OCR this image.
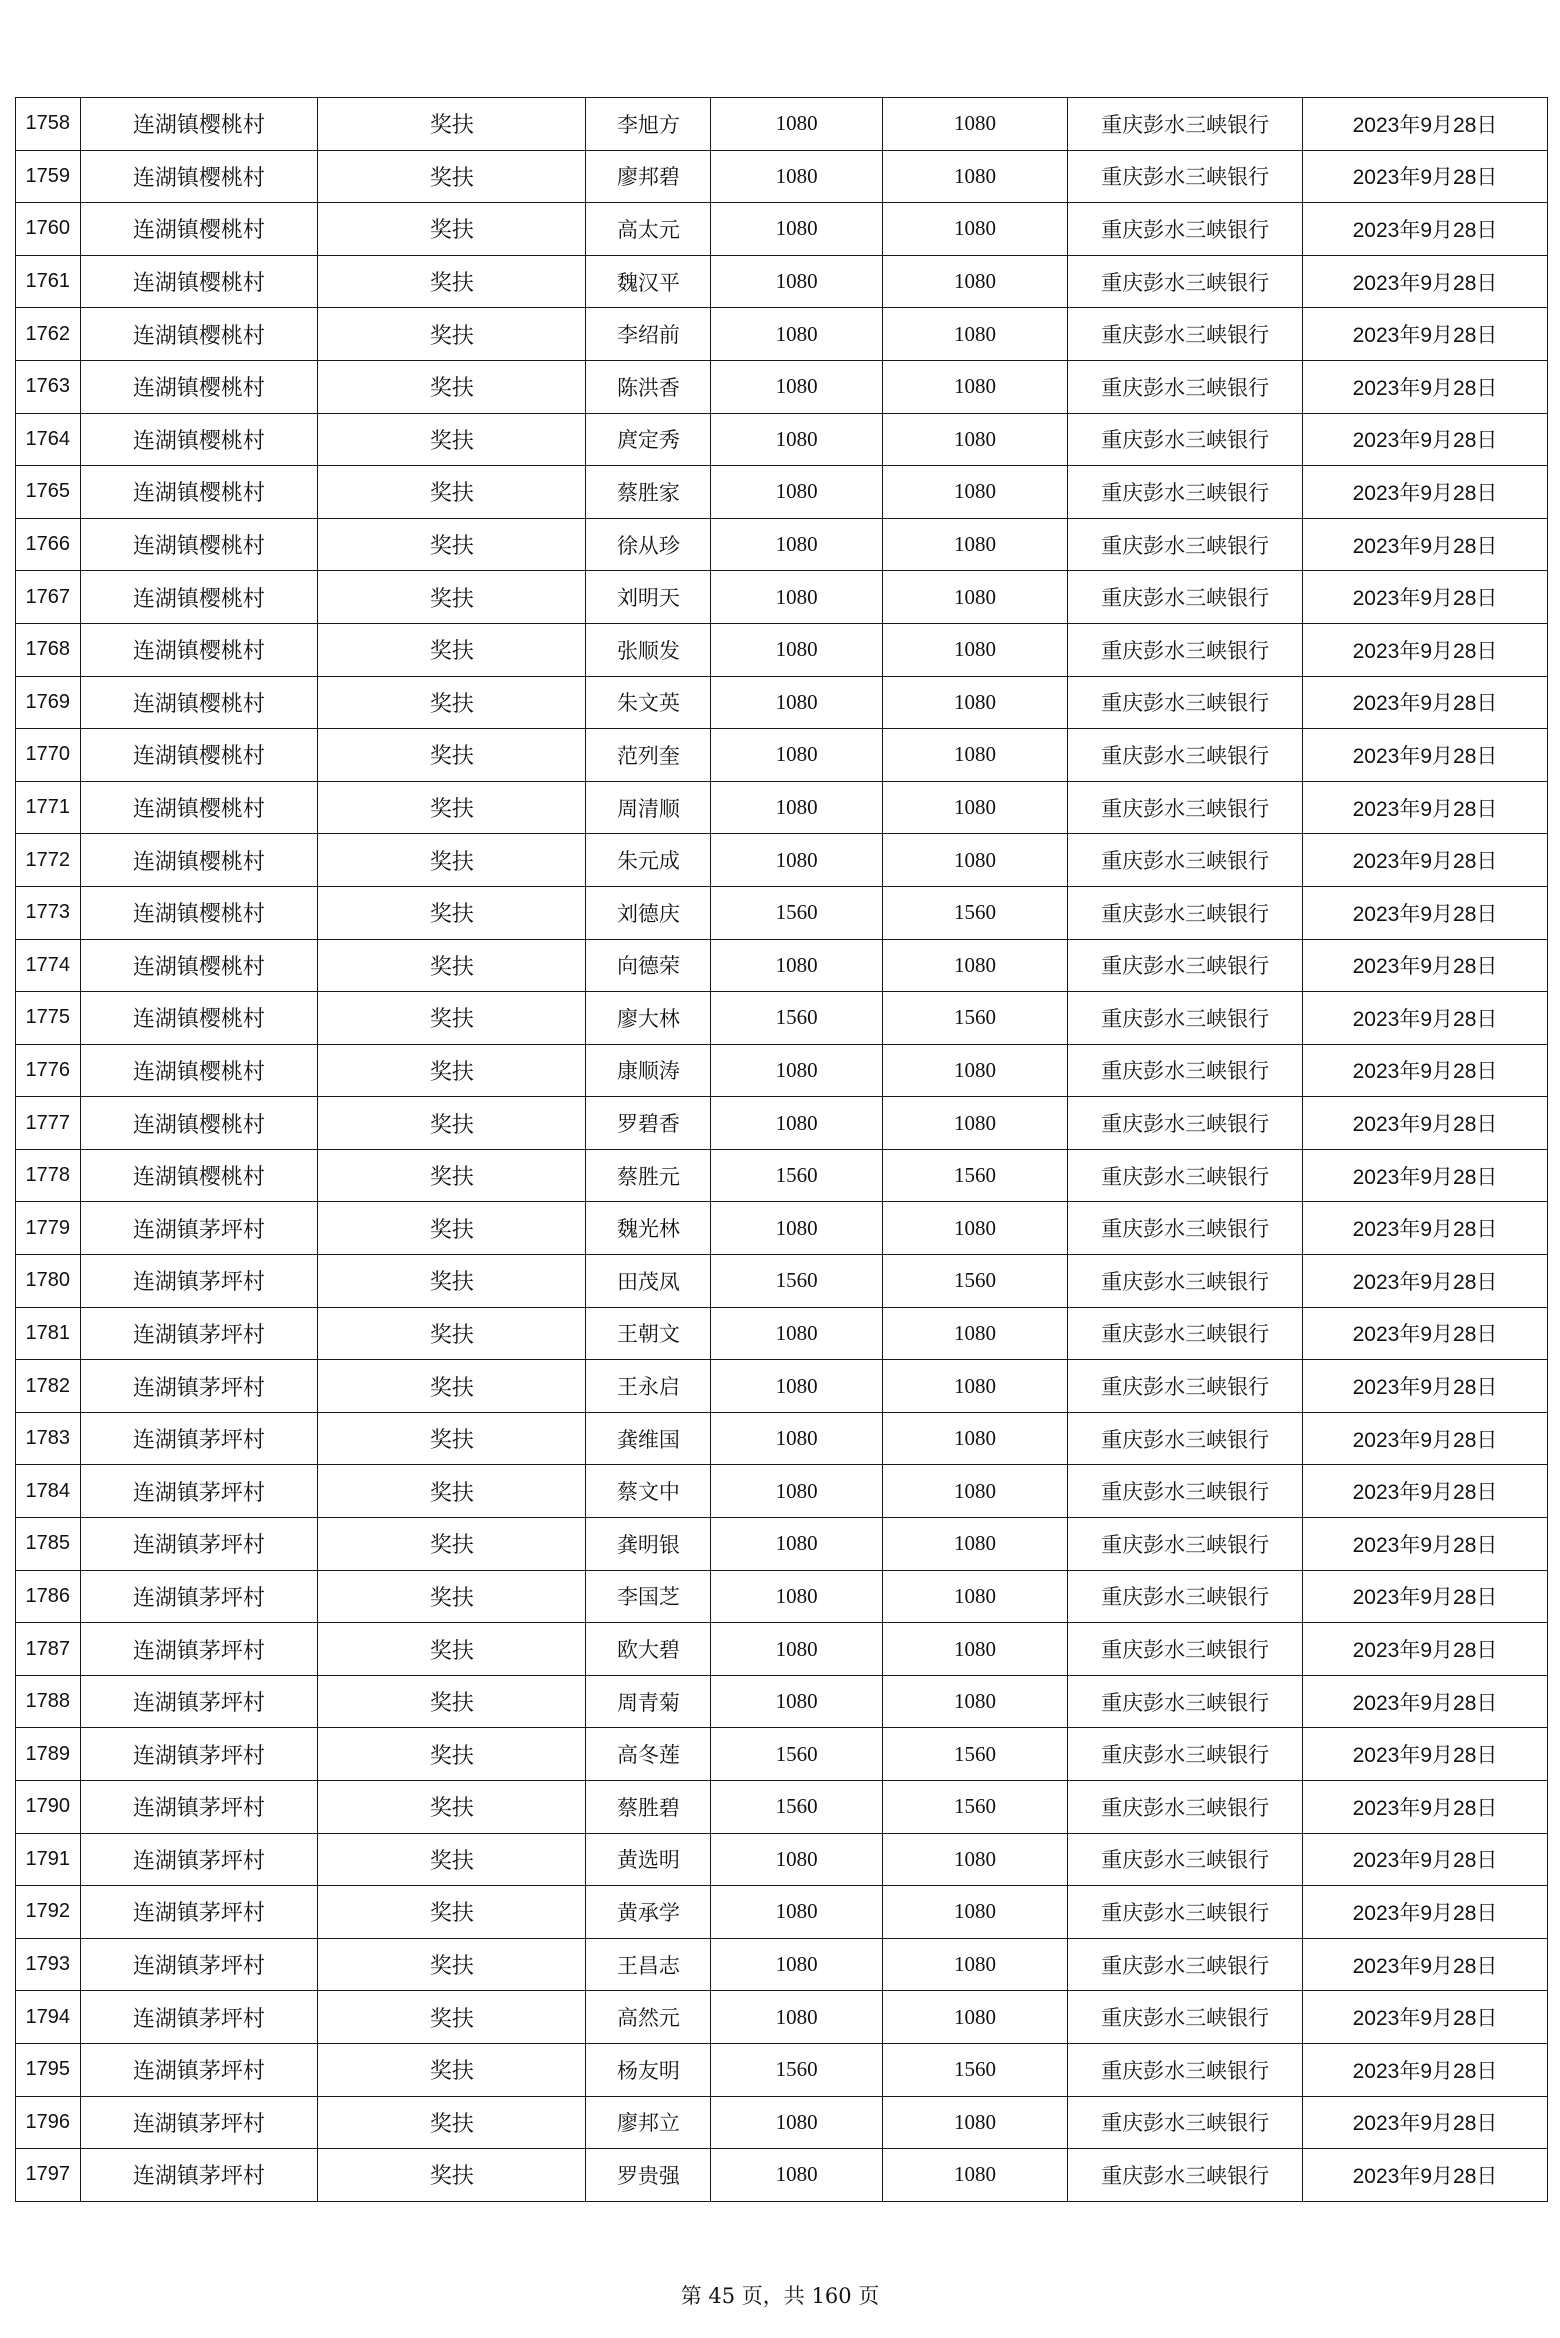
1758	连湖镇樱桃村	奖扶	李旭方	1080	1080	重庆彭水三峡银行	2023年9月28日
1759	连湖镇樱桃村	奖扶	廖邦碧	1080	1080	重庆彭水三峡银行	2023年9月28日
1760	连湖镇樱桃村	奖扶	高太元	1080	1080	重庆彭水三峡银行	2023年9月28日
1761	连湖镇樱桃村	奖扶	魏汉平	1080	1080	重庆彭水三峡银行	2023年9月28日
1762	连湖镇樱桃村	奖扶	李绍前	1080	1080	重庆彭水三峡银行	2023年9月28日
1763	连湖镇樱桃村	奖扶	陈洪香	1080	1080	重庆彭水三峡银行	2023年9月28日
1764	连湖镇樱桃村	奖扶	庹定秀	1080	1080	重庆彭水三峡银行	2023年9月28日
1765	连湖镇樱桃村	奖扶	蔡胜家	1080	1080	重庆彭水三峡银行	2023年9月28日
1766	连湖镇樱桃村	奖扶	徐从珍	1080	1080	重庆彭水三峡银行	2023年9月28日
1767	连湖镇樱桃村	奖扶	刘明天	1080	1080	重庆彭水三峡银行	2023年9月28日
1768	连湖镇樱桃村	奖扶	张顺发	1080	1080	重庆彭水三峡银行	2023年9月28日
1769	连湖镇樱桃村	奖扶	朱文英	1080	1080	重庆彭水三峡银行	2023年9月28日
1770	连湖镇樱桃村	奖扶	范列奎	1080	1080	重庆彭水三峡银行	2023年9月28日
1771	连湖镇樱桃村	奖扶	周清顺	1080	1080	重庆彭水三峡银行	2023年9月28日
1772	连湖镇樱桃村	奖扶	朱元成	1080	1080	重庆彭水三峡银行	2023年9月28日
1773	连湖镇樱桃村	奖扶	刘德庆	1560	1560	重庆彭水三峡银行	2023年9月28日
1774	连湖镇樱桃村	奖扶	向德荣	1080	1080	重庆彭水三峡银行	2023年9月28日
1775	连湖镇樱桃村	奖扶	廖大林	1560	1560	重庆彭水三峡银行	2023年9月28日
1776	连湖镇樱桃村	奖扶	康顺涛	1080	1080	重庆彭水三峡银行	2023年9月28日
1777	连湖镇樱桃村	奖扶	罗碧香	1080	1080	重庆彭水三峡银行	2023年9月28日
1778	连湖镇樱桃村	奖扶	蔡胜元	1560	1560	重庆彭水三峡银行	2023年9月28日
1779	连湖镇茅坪村	奖扶	魏光林	1080	1080	重庆彭水三峡银行	2023年9月28日
1780	连湖镇茅坪村	奖扶	田茂凤	1560	1560	重庆彭水三峡银行	2023年9月28日
1781	连湖镇茅坪村	奖扶	王朝文	1080	1080	重庆彭水三峡银行	2023年9月28日
1782	连湖镇茅坪村	奖扶	王永启	1080	1080	重庆彭水三峡银行	2023年9月28日
1783	连湖镇茅坪村	奖扶	龚维国	1080	1080	重庆彭水三峡银行	2023年9月28日
1784	连湖镇茅坪村	奖扶	蔡文中	1080	1080	重庆彭水三峡银行	2023年9月28日
1785	连湖镇茅坪村	奖扶	龚明银	1080	1080	重庆彭水三峡银行	2023年9月28日
1786	连湖镇茅坪村	奖扶	李国芝	1080	1080	重庆彭水三峡银行	2023年9月28日
1787	连湖镇茅坪村	奖扶	欧大碧	1080	1080	重庆彭水三峡银行	2023年9月28日
1788	连湖镇茅坪村	奖扶	周青菊	1080	1080	重庆彭水三峡银行	2023年9月28日
1789	连湖镇茅坪村	奖扶	高冬莲	1560	1560	重庆彭水三峡银行	2023年9月28日
1790	连湖镇茅坪村	奖扶	蔡胜碧	1560	1560	重庆彭水三峡银行	2023年9月28日
1791	连湖镇茅坪村	奖扶	黄选明	1080	1080	重庆彭水三峡银行	2023年9月28日
1792	连湖镇茅坪村	奖扶	黄承学	1080	1080	重庆彭水三峡银行	2023年9月28日
1793	连湖镇茅坪村	奖扶	王昌志	1080	1080	重庆彭水三峡银行	2023年9月28日
1794	连湖镇茅坪村	奖扶	高然元	1080	1080	重庆彭水三峡银行	2023年9月28日
1795	连湖镇茅坪村	奖扶	杨友明	1560	1560	重庆彭水三峡银行	2023年9月28日
1796	连湖镇茅坪村	奖扶	廖邦立	1080	1080	重庆彭水三峡银行	2023年9月28日
1797	连湖镇茅坪村	奖扶	罗贵强	1080	1080	重庆彭水三峡银行	2023年9月28日
第 45 页，共 160 页
